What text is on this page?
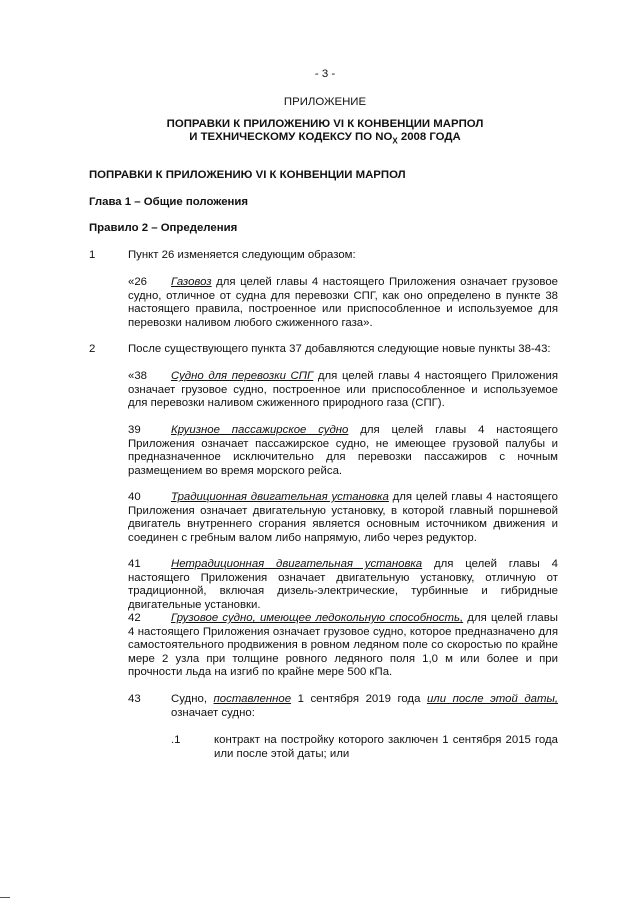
- 3 -
ПРИЛОЖЕНИЕ
ПОПРАВКИ К ПРИЛОЖЕНИЮ VI К КОНВЕНЦИИ МАРПОЛ
И ТЕХНИЧЕСКОМУ КОДЕКСУ ПО $NO_X$ 2008 ГОДА
ПОПРАВКИ К ПРИЛОЖЕНИЮ VI К КОНВЕНЦИИ МАРПОЛ
Глава 1 – Общие положения
Правило 2 – Определения
1	Пункт 26 изменяется следующим образом:
«26 Газовоз для целей главы 4 настоящего Приложения означает грузовое судно, отличное от судна для перевозки СПГ, как оно определено в пункте 38 настоящего правила, построенное или приспособленное и используемое для перевозки наливом любого сжиженного газа».
2	После существующего пункта 37 добавляются следующие новые пункты 38-43:
«38 Судно для перевозки СПГ для целей главы 4 настоящего Приложения означает грузовое судно, построенное или приспособленное и используемое для перевозки наливом сжиженного природного газа (СПГ).
39	Круизное пассажирское судно для целей главы 4 настоящего Приложения означает пассажирское судно, не имеющее грузовой палубы и предназначенное исключительно для перевозки пассажиров с ночным размещением во время морского рейса.
40	Традиционная двигательная установка для целей главы 4 настоящего Приложения означает двигательную установку, в которой главный поршневой двигатель внутреннего сгорания является основным источником движения и соединен с гребным валом либо напрямую, либо через редуктор.
41	Нетрадиционная двигательная установка для целей главы 4 настоящего Приложения означает двигательную установку, отличную от традиционной, включая дизель-электрические, турбинные и гибридные двигательные установки.
42	Грузовое судно, имеющее ледокольную способность, для целей главы 4 настоящего Приложения означает грузовое судно, которое предназначено для самостоятельного продвижения в ровном ледяном поле со скоростью по крайне мере 2 узла при толщине ровного ледяного поля 1,0 м или более и при прочности льда на изгиб по крайне мере 500 кПа.
43	Судно, поставленное 1 сентября 2019 года или после этой даты, означает судно:
.1	контракт на постройку которого заключен 1 сентября 2015 года или после этой даты; или
